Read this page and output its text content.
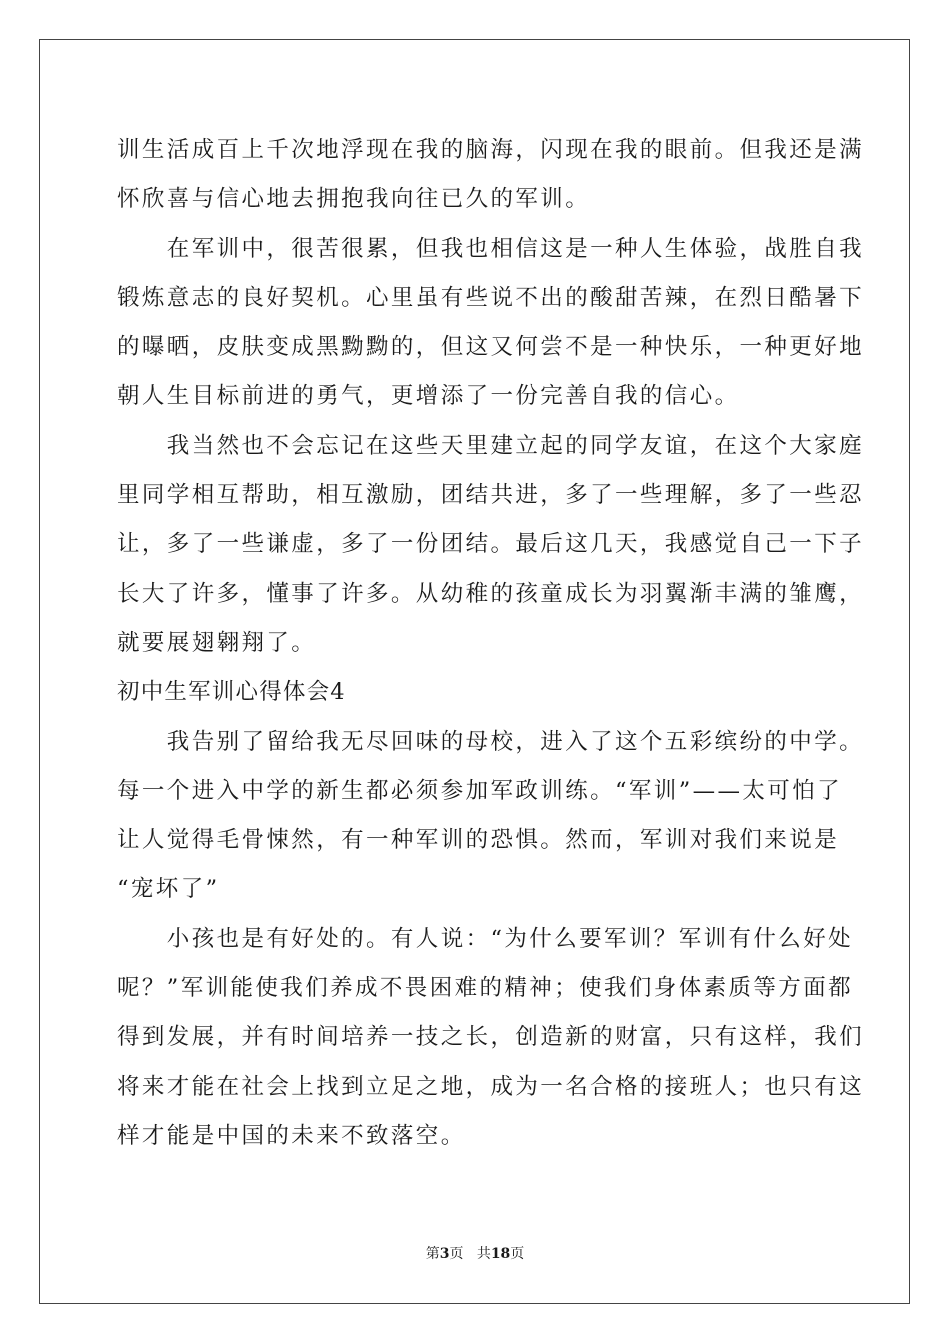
训生活成百上千次地浮现在我的脑海，闪现在我的眼前。但我还是满
怀欣喜与信心地去拥抱我向往已久的军训。
　　在军训中，很苦很累，但我也相信这是一种人生体验，战胜自我
锻炼意志的良好契机。心里虽有些说不出的酸甜苦辣，在烈日酷暑下
的曝晒，皮肤变成黑黝黝的，但这又何尝不是一种快乐，一种更好地
朝人生目标前进的勇气，更增添了一份完善自我的信心。
　　我当然也不会忘记在这些天里建立起的同学友谊，在这个大家庭
里同学相互帮助，相互激励，团结共进，多了一些理解，多了一些忍
让，多了一些谦虚，多了一份团结。最后这几天，我感觉自己一下子
长大了许多，懂事了许多。从幼稚的孩童成长为羽翼渐丰满的雏鹰，
就要展翅翱翔了。
初中生军训心得体会4
　　我告别了留给我无尽回味的母校，进入了这个五彩缤纷的中学。
每一个进入中学的新生都必须参加军政训练。“军训”——太可怕了
让人觉得毛骨悚然，有一种军训的恐惧。然而，军训对我们来说是
“宠坏了”
　　小孩也是有好处的。有人说：“为什么要军训？军训有什么好处
呢？”军训能使我们养成不畏困难的精神；使我们身体素质等方面都
得到发展，并有时间培养一技之长，创造新的财富，只有这样，我们
将来才能在社会上找到立足之地，成为一名合格的接班人；也只有这
样才能是中国的未来不致落空。
第3页 共18页
